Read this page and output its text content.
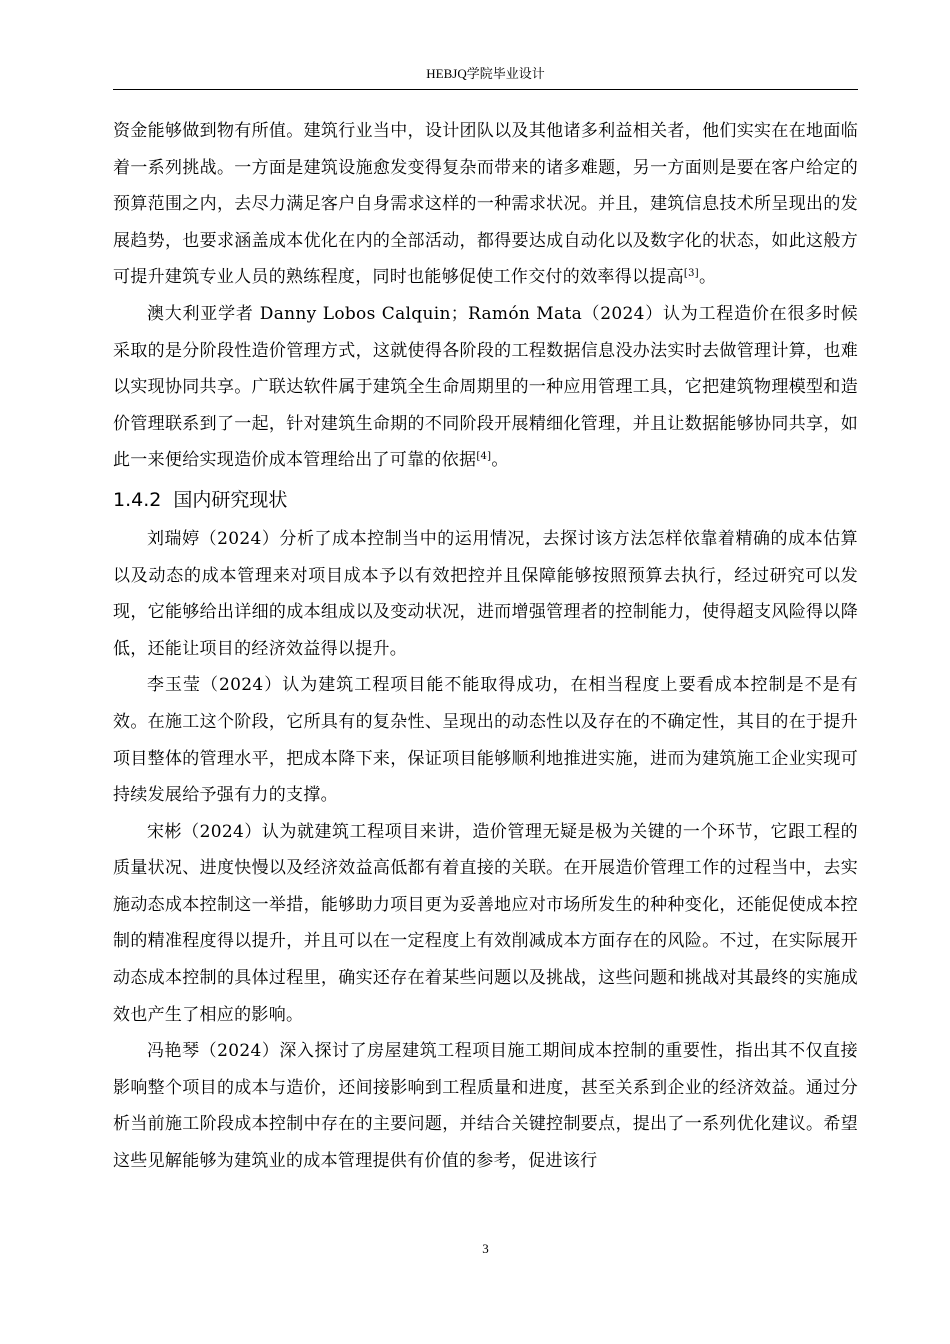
HEBJQ学院毕业设计

资金能够做到物有所值。建筑行业当中，设计团队以及其他诸多利益相关者，他们实实在在地面临着一系列挑战。一方面是建筑设施愈发变得复杂而带来的诸多难题，另一方面则是要在客户给定的预算范围之内，去尽力满足客户自身需求这样的一种需求状况。并且，建筑信息技术所呈现出的发展趋势，也要求涵盖成本优化在内的全部活动，都得要达成自动化以及数字化的状态，如此这般方可提升建筑专业人员的熟练程度，同时也能够促使工作交付的效率得以提高[3]。

澳大利亚学者 Danny Lobos Calquin；Ramón Mata（2024）认为工程造价在很多时候采取的是分阶段性造价管理方式，这就使得各阶段的工程数据信息没办法实时去做管理计算，也难以实现协同共享。广联达软件属于建筑全生命周期里的一种应用管理工具，它把建筑物理模型和造价管理联系到了一起，针对建筑生命期的不同阶段开展精细化管理，并且让数据能够协同共享，如此一来便给实现造价成本管理给出了可靠的依据[4]。

1.4.2 国内研究现状

刘瑞婷（2024）分析了成本控制当中的运用情况，去探讨该方法怎样依靠着精确的成本估算以及动态的成本管理来对项目成本予以有效把控并且保障能够按照预算去执行，经过研究可以发现，它能够给出详细的成本组成以及变动状况，进而增强管理者的控制能力，使得超支风险得以降低，还能让项目的经济效益得以提升。

李玉莹（2024）认为建筑工程项目能不能取得成功，在相当程度上要看成本控制是不是有效。在施工这个阶段，它所具有的复杂性、呈现出的动态性以及存在的不确定性，其目的在于提升项目整体的管理水平，把成本降下来，保证项目能够顺利地推进实施，进而为建筑施工企业实现可持续发展给予强有力的支撑。

宋彬（2024）认为就建筑工程项目来讲，造价管理无疑是极为关键的一个环节，它跟工程的质量状况、进度快慢以及经济效益高低都有着直接的关联。在开展造价管理工作的过程当中，去实施动态成本控制这一举措，能够助力项目更为妥善地应对市场所发生的种种变化，还能促使成本控制的精准程度得以提升，并且可以在一定程度上有效削减成本方面存在的风险。不过，在实际展开动态成本控制的具体过程里，确实还存在着某些问题以及挑战，这些问题和挑战对其最终的实施成效也产生了相应的影响。

冯艳琴（2024）深入探讨了房屋建筑工程项目施工期间成本控制的重要性，指出其不仅直接影响整个项目的成本与造价，还间接影响到工程质量和进度，甚至关系到企业的经济效益。通过分析当前施工阶段成本控制中存在的主要问题，并结合关键控制要点，提出了一系列优化建议。希望这些见解能够为建筑业的成本管理提供有价值的参考，促进该行

3
